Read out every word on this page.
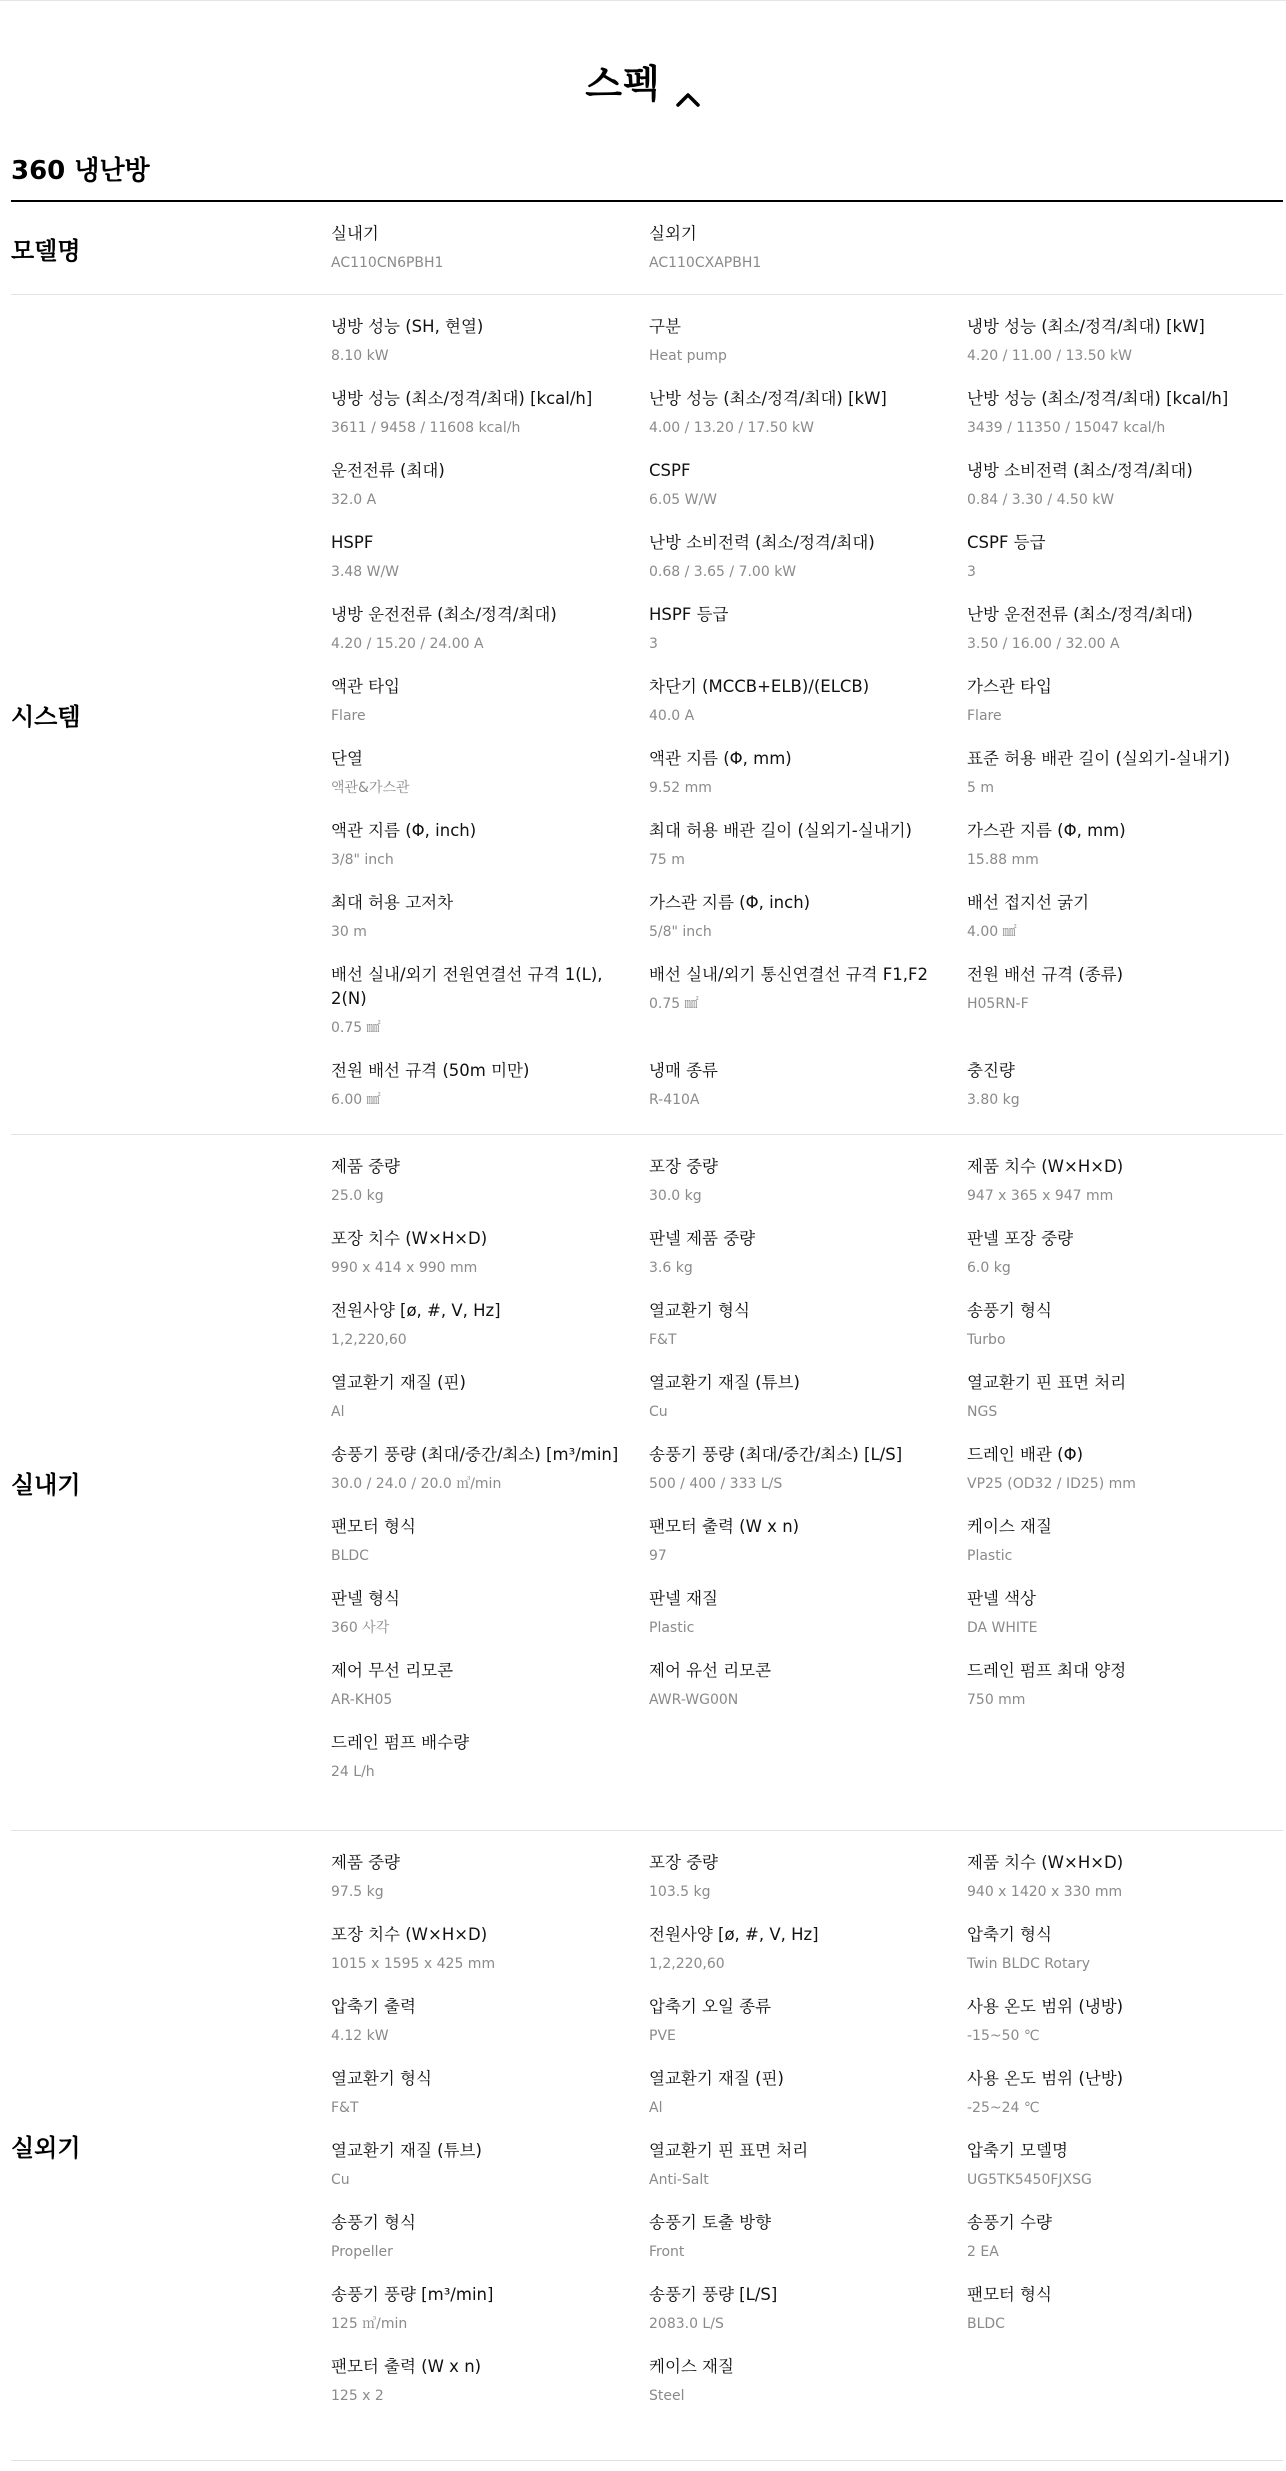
스펙
360 냉난방
모델명
실내기
AC110CN6PBH1
실외기
AC110CXAPBH1
시스템
냉방 성능 (SH, 현열)
8.10 kW
구분
Heat pump
냉방 성능 (최소/정격/최대) [kW]
4.20 / 11.00 / 13.50 kW
냉방 성능 (최소/정격/최대) [kcal/h]
3611 / 9458 / 11608 kcal/h
난방 성능 (최소/정격/최대) [kW]
4.00 / 13.20 / 17.50 kW
난방 성능 (최소/정격/최대) [kcal/h]
3439 / 11350 / 15047 kcal/h
운전전류 (최대)
32.0 A
CSPF
6.05 W/W
냉방 소비전력 (최소/정격/최대)
0.84 / 3.30 / 4.50 kW
HSPF
3.48 W/W
난방 소비전력 (최소/정격/최대)
0.68 / 3.65 / 7.00 kW
CSPF 등급
3
냉방 운전전류 (최소/정격/최대)
4.20 / 15.20 / 24.00 A
HSPF 등급
3
난방 운전전류 (최소/정격/최대)
3.50 / 16.00 / 32.00 A
액관 타입
Flare
차단기 (MCCB+ELB)/(ELCB)
40.0 A
가스관 타입
Flare
단열
액관&가스관
액관 지름 (Φ, mm)
9.52 mm
표준 허용 배관 길이 (실외기-실내기)
5 m
액관 지름 (Φ, inch)
3/8" inch
최대 허용 배관 길이 (실외기-실내기)
75 m
가스관 지름 (Φ, mm)
15.88 mm
최대 허용 고저차
30 m
가스관 지름 (Φ, inch)
5/8" inch
배선 접지선 굵기
4.00 ㎟
배선 실내/외기 전원연결선 규격 1(L), 2(N)
0.75 ㎟
배선 실내/외기 통신연결선 규격 F1,F2
0.75 ㎟
전원 배선 규격 (종류)
H05RN-F
전원 배선 규격 (50m 미만)
6.00 ㎟
냉매 종류
R-410A
충진량
3.80 kg
실내기
제품 중량
25.0 kg
포장 중량
30.0 kg
제품 치수 (W×H×D)
947 x 365 x 947 mm
포장 치수 (W×H×D)
990 x 414 x 990 mm
판넬 제품 중량
3.6 kg
판넬 포장 중량
6.0 kg
전원사양 [ø, #, V, Hz]
1,2,220,60
열교환기 형식
F&T
송풍기 형식
Turbo
열교환기 재질 (핀)
Al
열교환기 재질 (튜브)
Cu
열교환기 핀 표면 처리
NGS
송풍기 풍량 (최대/중간/최소) [m³/min]
30.0 / 24.0 / 20.0 ㎥/min
송풍기 풍량 (최대/중간/최소) [L/S]
500 / 400 / 333 L/S
드레인 배관 (Φ)
VP25 (OD32 / ID25) mm
팬모터 형식
BLDC
팬모터 출력 (W x n)
97
케이스 재질
Plastic
판넬 형식
360 사각
판넬 재질
Plastic
판넬 색상
DA WHITE
제어 무선 리모콘
AR-KH05
제어 유선 리모콘
AWR-WG00N
드레인 펌프 최대 양정
750 mm
드레인 펌프 배수량
24 L/h
실외기
제품 중량
97.5 kg
포장 중량
103.5 kg
제품 치수 (W×H×D)
940 x 1420 x 330 mm
포장 치수 (W×H×D)
1015 x 1595 x 425 mm
전원사양 [ø, #, V, Hz]
1,2,220,60
압축기 형식
Twin BLDC Rotary
압축기 출력
4.12 kW
압축기 오일 종류
PVE
사용 온도 범위 (냉방)
-15~50 ℃
열교환기 형식
F&T
열교환기 재질 (핀)
Al
사용 온도 범위 (난방)
-25~24 ℃
열교환기 재질 (튜브)
Cu
열교환기 핀 표면 처리
Anti-Salt
압축기 모델명
UG5TK5450FJXSG
송풍기 형식
Propeller
송풍기 토출 방향
Front
송풍기 수량
2 EA
송풍기 풍량 [m³/min]
125 ㎥/min
송풍기 풍량 [L/S]
2083.0 L/S
팬모터 형식
BLDC
팬모터 출력 (W x n)
125 x 2
케이스 재질
Steel
